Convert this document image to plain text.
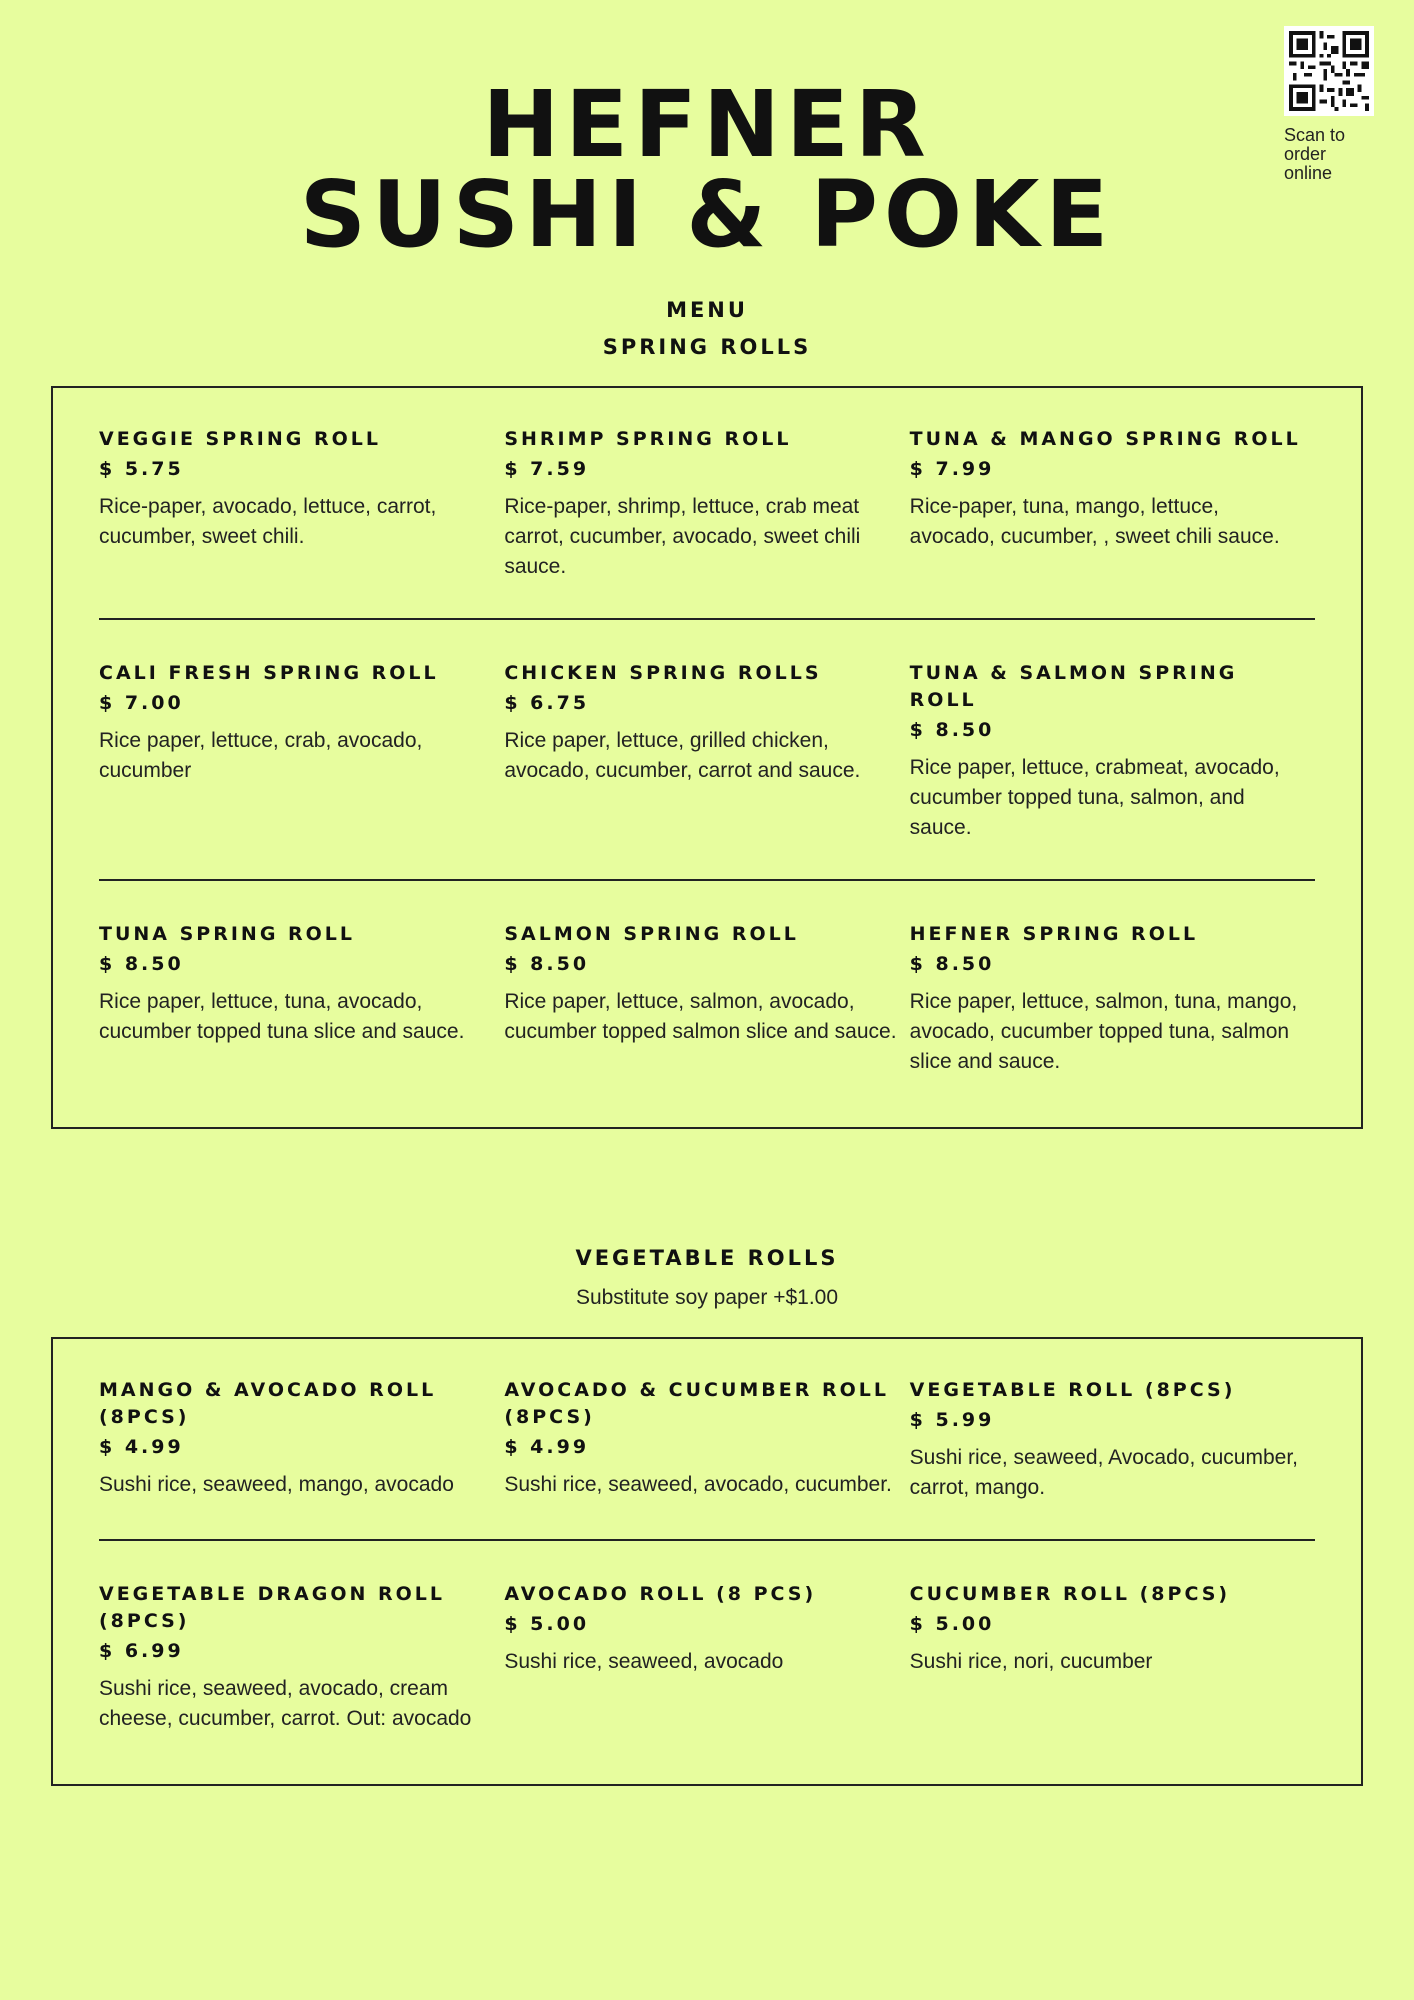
HEFNER
SUSHI & POKE
Scan to order online
MENU
SPRING ROLLS
VEGGIE SPRING ROLL
$ 5.75
Rice-paper, avocado, lettuce, carrot, cucumber, sweet chili.
SHRIMP SPRING ROLL
$ 7.59
Rice-paper, shrimp, lettuce, crab meat carrot, cucumber, avocado, sweet chili sauce.
TUNA & MANGO SPRING ROLL
$ 7.99
Rice-paper, tuna, mango, lettuce, avocado, cucumber, , sweet chili sauce.
CALI FRESH SPRING ROLL
$ 7.00
Rice paper, lettuce, crab, avocado, cucumber
CHICKEN SPRING ROLLS
$ 6.75
Rice paper, lettuce, grilled chicken, avocado, cucumber, carrot and sauce.
TUNA & SALMON SPRING ROLL
$ 8.50
Rice paper, lettuce, crabmeat, avocado, cucumber topped tuna, salmon, and sauce.
TUNA SPRING ROLL
$ 8.50
Rice paper, lettuce, tuna, avocado, cucumber topped tuna slice and sauce.
SALMON SPRING ROLL
$ 8.50
Rice paper, lettuce, salmon, avocado, cucumber topped salmon slice and sauce.
HEFNER SPRING ROLL
$ 8.50
Rice paper, lettuce, salmon, tuna, mango, avocado, cucumber topped tuna, salmon slice and sauce.
VEGETABLE ROLLS
Substitute soy paper +$1.00
MANGO & AVOCADO ROLL (8PCS)
$ 4.99
Sushi rice, seaweed, mango, avocado
AVOCADO & CUCUMBER ROLL (8PCS)
$ 4.99
Sushi rice, seaweed, avocado, cucumber.
VEGETABLE ROLL (8PCS)
$ 5.99
Sushi rice, seaweed, Avocado, cucumber, carrot, mango.
VEGETABLE DRAGON ROLL (8PCS)
$ 6.99
Sushi rice, seaweed, avocado, cream cheese, cucumber, carrot. Out: avocado
AVOCADO ROLL (8 PCS)
$ 5.00
Sushi rice, seaweed, avocado
CUCUMBER ROLL (8PCS)
$ 5.00
Sushi rice, nori, cucumber
